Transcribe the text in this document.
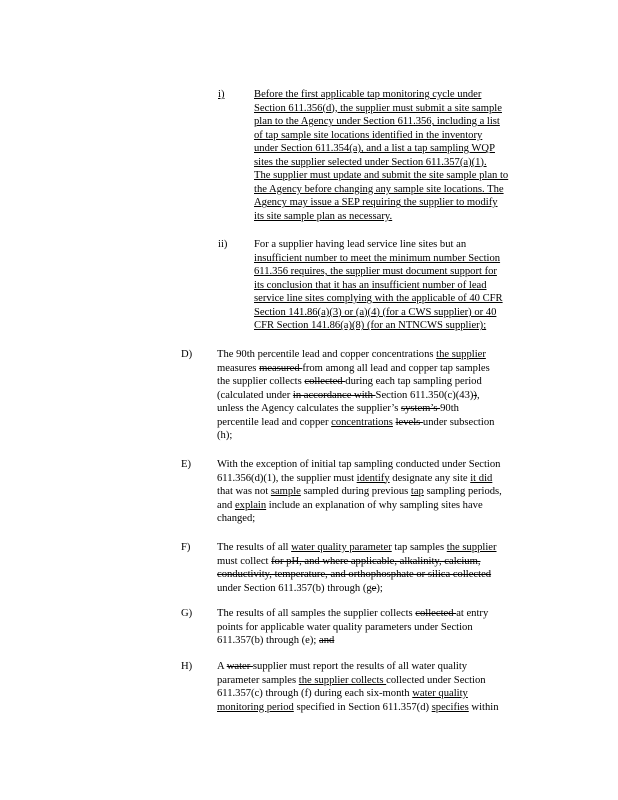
i)	Before the first applicable tap monitoring cycle under
Section 611.356(d), the supplier must submit a site sample
plan to the Agency under Section 611.356, including a list
of tap sample site locations identified in the inventory
under Section 611.354(a), and a list a tap sampling WQP
sites the supplier selected under Section 611.357(a)(1).
The supplier must update and submit the site sample plan to
the Agency before changing any sample site locations. The
Agency may issue a SEP requiring the supplier to modify
its site sample plan as necessary.
ii)	For a supplier having lead service line sites but an
insufficient number to meet the minimum number Section
611.356 requires, the supplier must document support for
its conclusion that it has an insufficient number of lead
service line sites complying with the applicable of 40 CFR
Section 141.86(a)(3) or (a)(4) (for a CWS supplier) or 40
CFR Section 141.86(a)(8) (for an NTNCWS supplier);
D) The 90th percentile lead and copper concentrations the supplier
measures measured from among all lead and copper tap samples
the supplier collects collected during each tap sampling period
(calculated under in accordance with Section 611.350(c)(43)),
unless the Agency calculates the supplier’s system’s 90th
percentile lead and copper concentrations levels under subsection
(h);
E) With the exception of initial tap sampling conducted under Section
611.356(d)(1), the supplier must identify designate any site it did
that was not sample sampled during previous tap sampling periods,
and explain include an explanation of why sampling sites have
changed;
F)	The results of all water quality parameter tap samples the supplier
must collect for pH, and where applicable, alkalinity, calcium,
conductivity, temperature, and orthophosphate or silica collected
under Section 611.357(b) through (ge);
G) The results of all samples the supplier collects collected at entry
points for applicable water quality parameters under Section
611.357(b) through (e); and
H) A water supplier must report the results of all water quality
parameter samples the supplier collects collected under Section
611.357(c) through (f) during each six-month water quality
monitoring period specified in Section 611.357(d) specifies within
